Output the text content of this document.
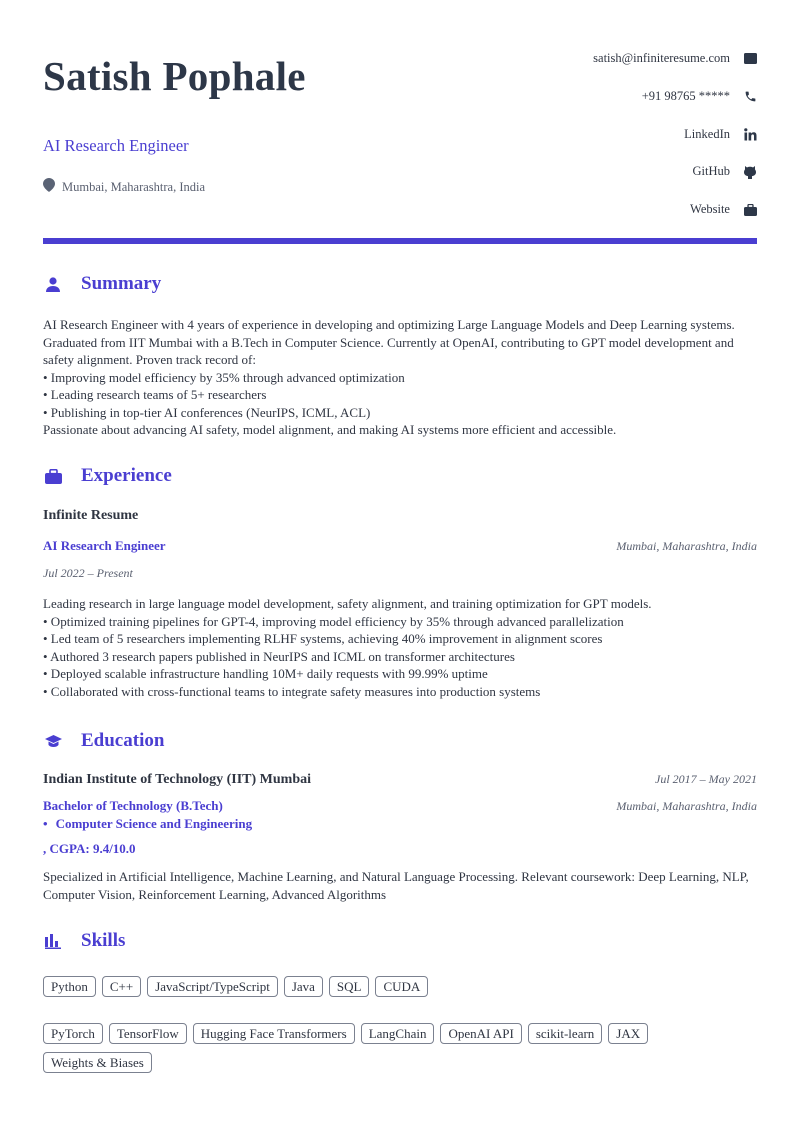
Satish Pophale
AI Research Engineer
Mumbai, Maharashtra, India
satish@infiniteresume.com
+91 98765 *****
LinkedIn
GitHub
Website
Summary

AI Research Engineer with 4 years of experience in developing and optimizing Large Language Models and Deep Learning systems. Graduated from IIT Mumbai with a B.Tech in Computer Science. Currently at OpenAI, contributing to GPT model development and safety alignment. Proven track record of:

• Improving model efficiency by 35% through advanced optimization

• Leading research teams of 5+ researchers

• Publishing in top-tier AI conferences (NeurIPS, ICML, ACL)

Passionate about advancing AI safety, model alignment, and making AI systems more efficient and accessible.

Experience
Infinite Resume
AI Research Engineer	Mumbai, Maharashtra, India
Jul 2022 – Present

Leading research in large language model development, safety alignment, and training optimization for GPT models.

• Optimized training pipelines for GPT-4, improving model efficiency by 35% through advanced parallelization

• Led team of 5 researchers implementing RLHF systems, achieving 40% improvement in alignment scores

• Authored 3 research papers published in NeurIPS and ICML on transformer architectures

• Deployed scalable infrastructure handling 10M+ daily requests with 99.99% uptime

• Collaborated with cross-functional teams to integrate safety measures into production systems

Education
Indian Institute of Technology (IIT) Mumbai	Jul 2017 – May 2021
Bachelor of Technology (B.Tech)	Mumbai, Maharashtra, India
• Computer Science and Engineering
, CGPA: 9.4/10.0

Specialized in Artificial Intelligence, Machine Learning, and Natural Language Processing. Relevant coursework: Deep Learning, NLP, Computer Vision, Reinforcement Learning, Advanced Algorithms

Skills
Python	C++	JavaScript/TypeScript	Java	SQL	CUDA
PyTorch	TensorFlow	Hugging Face Transformers	LangChain	OpenAI API	scikit-learn	JAX
Weights & Biases
